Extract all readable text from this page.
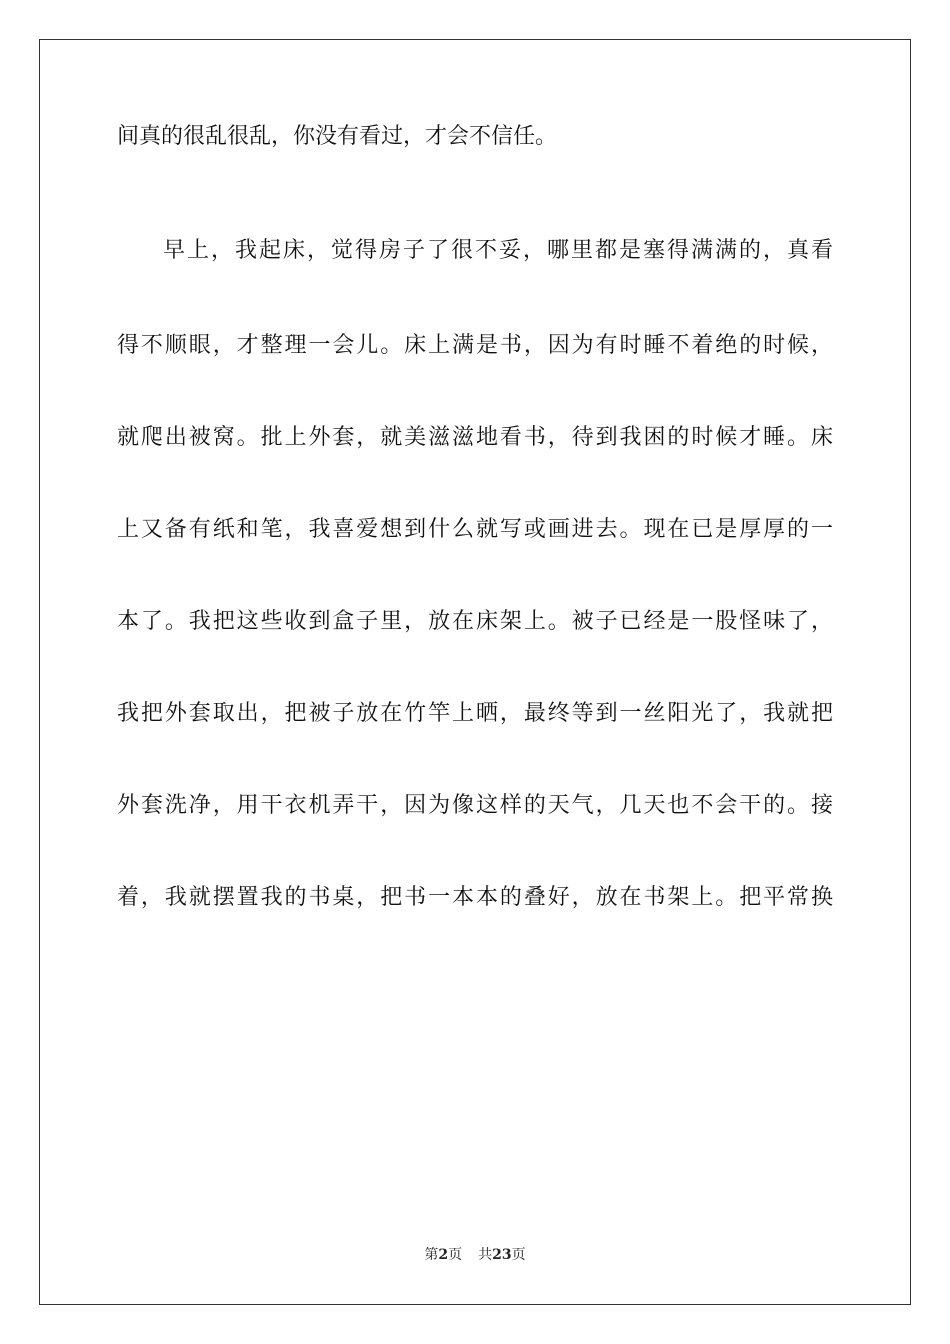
间真的很乱很乱，你没有看过，才会不信任。
早上，我起床，觉得房子了很不妥，哪里都是塞得满满的，真看
得不顺眼，才整理一会儿。床上满是书，因为有时睡不着绝的时候，
就爬出被窝。批上外套，就美滋滋地看书，待到我困的时候才睡。床
上又备有纸和笔，我喜爱想到什么就写或画进去。现在已是厚厚的一
本了。我把这些收到盒子里，放在床架上。被子已经是一股怪味了，
我把外套取出，把被子放在竹竿上晒，最终等到一丝阳光了，我就把
外套洗净，用干衣机弄干，因为像这样的天气，几天也不会干的。接
着，我就摆置我的书桌，把书一本本的叠好，放在书架上。把平常换
第2页 共23页
